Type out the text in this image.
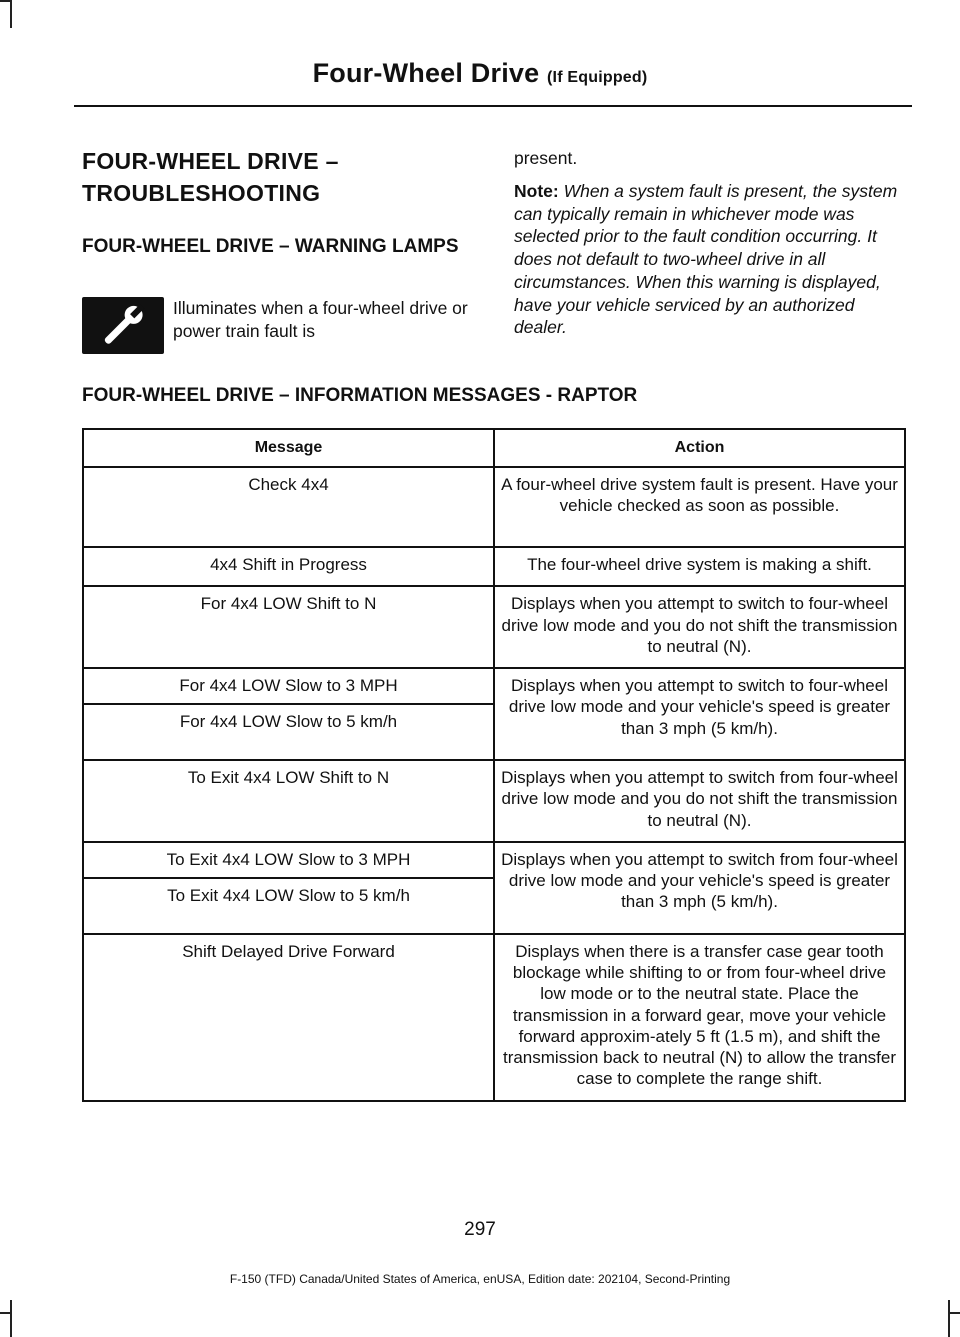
Four-Wheel Drive (If Equipped)
FOUR-WHEEL DRIVE –
TROUBLESHOOTING
FOUR-WHEEL DRIVE – WARNING LAMPS
Illuminates when a four-wheel drive or power train fault is

present.

Note: When a system fault is present, the system can typically remain in whichever mode was selected prior to the fault condition occurring. It does not default to two-wheel drive in all circumstances. When this warning is displayed, have your vehicle serviced by an authorized dealer.

FOUR-WHEEL DRIVE – INFORMATION MESSAGES - RAPTOR
Message	Action
Check 4x4	A four-wheel drive system fault is present. Have your vehicle checked as soon as possible.
4x4 Shift in Progress	The four-wheel drive system is making a shift.
For 4x4 LOW Shift to N	Displays when you attempt to switch to four-wheel drive low mode and you do not shift the transmission to neutral (N).
For 4x4 LOW Slow to 3 MPH	Displays when you attempt to switch to four-wheel drive low mode and your vehicle's speed is greater than 3 mph (5 km/h).
For 4x4 LOW Slow to 5 km/h	
To Exit 4x4 LOW Shift to N	Displays when you attempt to switch from four-wheel drive low mode and you do not shift the transmission to neutral (N).
To Exit 4x4 LOW Slow to 3 MPH	Displays when you attempt to switch from four-wheel drive low mode and your vehicle's speed is greater than 3 mph (5 km/h).
To Exit 4x4 LOW Slow to 5 km/h	
Shift Delayed Drive Forward	Displays when there is a transfer case gear tooth blockage while shifting to or from four-wheel drive low mode or to the neutral state. Place the transmission in a forward gear, move your vehicle forward approxim-ately 5 ft (1.5 m), and shift the transmission back to neutral (N) to allow the transfer case to complete the range shift.
297
F-150 (TFD) Canada/United States of America, enUSA, Edition date: 202104, Second-Printing
